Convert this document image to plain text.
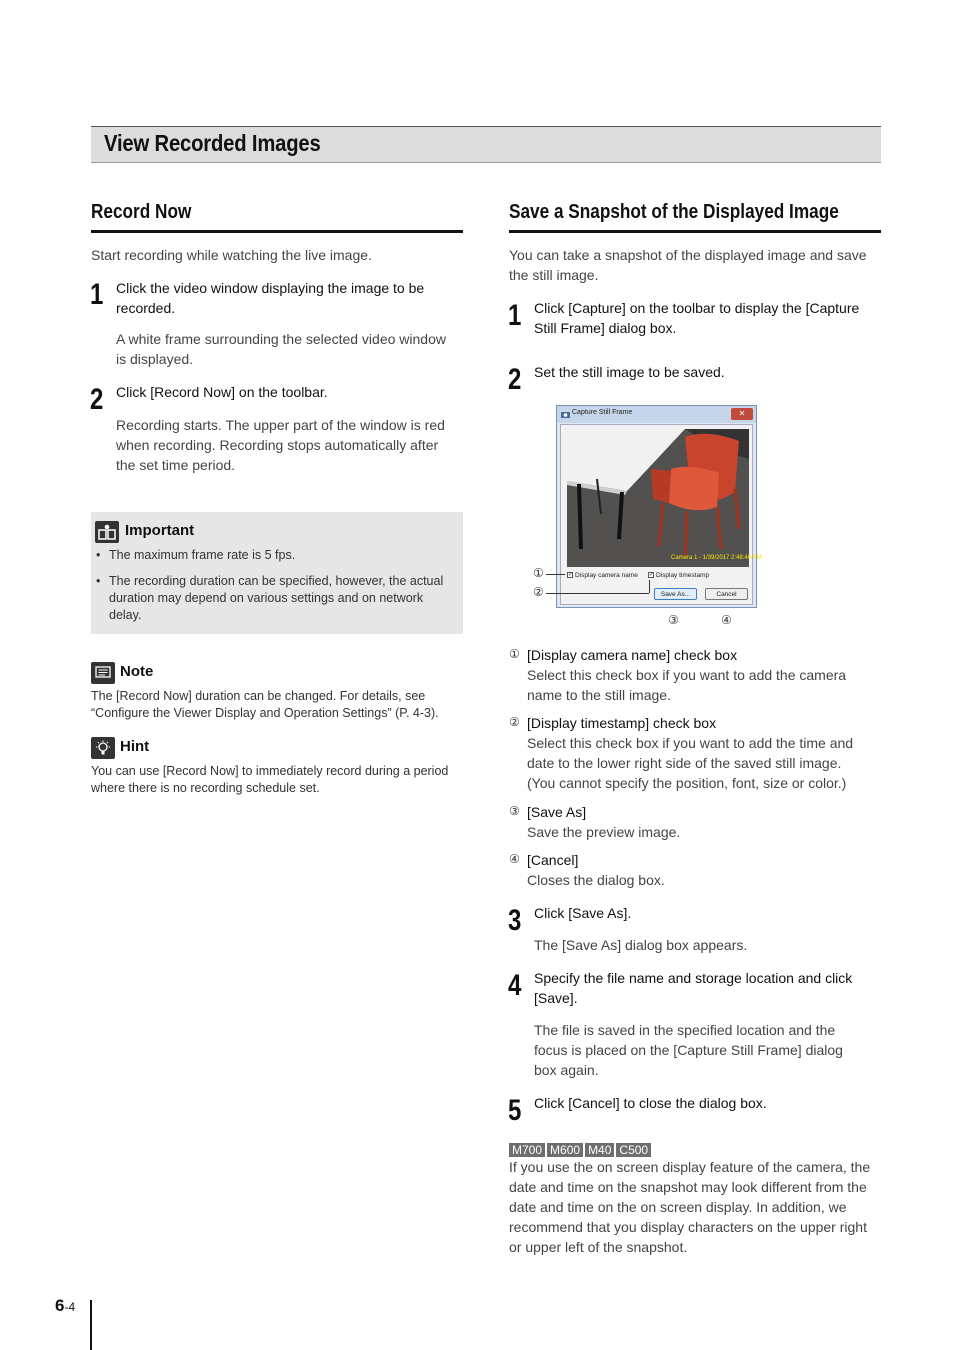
View Recorded Images
Record Now
Start recording while watching the live image.
1 Click the video window displaying the image to be
recorded.
A white frame surrounding the selected video window
is displayed.
2 Click [Record Now] on the toolbar.
Recording starts. The upper part of the window is red
when recording. Recording stops automatically after
the set time period.
Important
• The maximum frame rate is 5 fps.
• The recording duration can be specified, however, the actual
duration may depend on various settings and on network
delay.
Note
The [Record Now] duration can be changed. For details, see
“Configure the Viewer Display and Operation Settings” (P. 4-3).
Hint
You can use [Record Now] to immediately record during a period
where there is no recording schedule set.
Save a Snapshot of the Displayed Image
You can take a snapshot of the displayed image and save
the still image.
1 Click [Capture] on the toolbar to display the [Capture
Still Frame] dialog box.
2 Set the still image to be saved.
Capture Still Frame	✕
Camera 1 - 1/39/2017 2:48:46 PM
✓ Display camera name ✓ Display timestamp
Save As...	Cancel
①
②
③	④
① [Display camera name] check box
Select this check box if you want to add the camera
name to the still image.
② [Display timestamp] check box
Select this check box if you want to add the time and
date to the lower right side of the saved still image.
(You cannot specify the position, font, size or color.)
③ [Save As]
Save the preview image.
④ [Cancel]
Closes the dialog box.
3 Click [Save As].
The [Save As] dialog box appears.
4 Specify the file name and storage location and click
[Save].
The file is saved in the specified location and the
focus is placed on the [Capture Still Frame] dialog
box again.
5 Click [Cancel] to close the dialog box.
M700 M600 M40 C500
If you use the on screen display feature of the camera, the
date and time on the snapshot may look different from the
date and time on the on screen display. In addition, we
recommend that you display characters on the upper right
or upper left of the snapshot.
6-4
